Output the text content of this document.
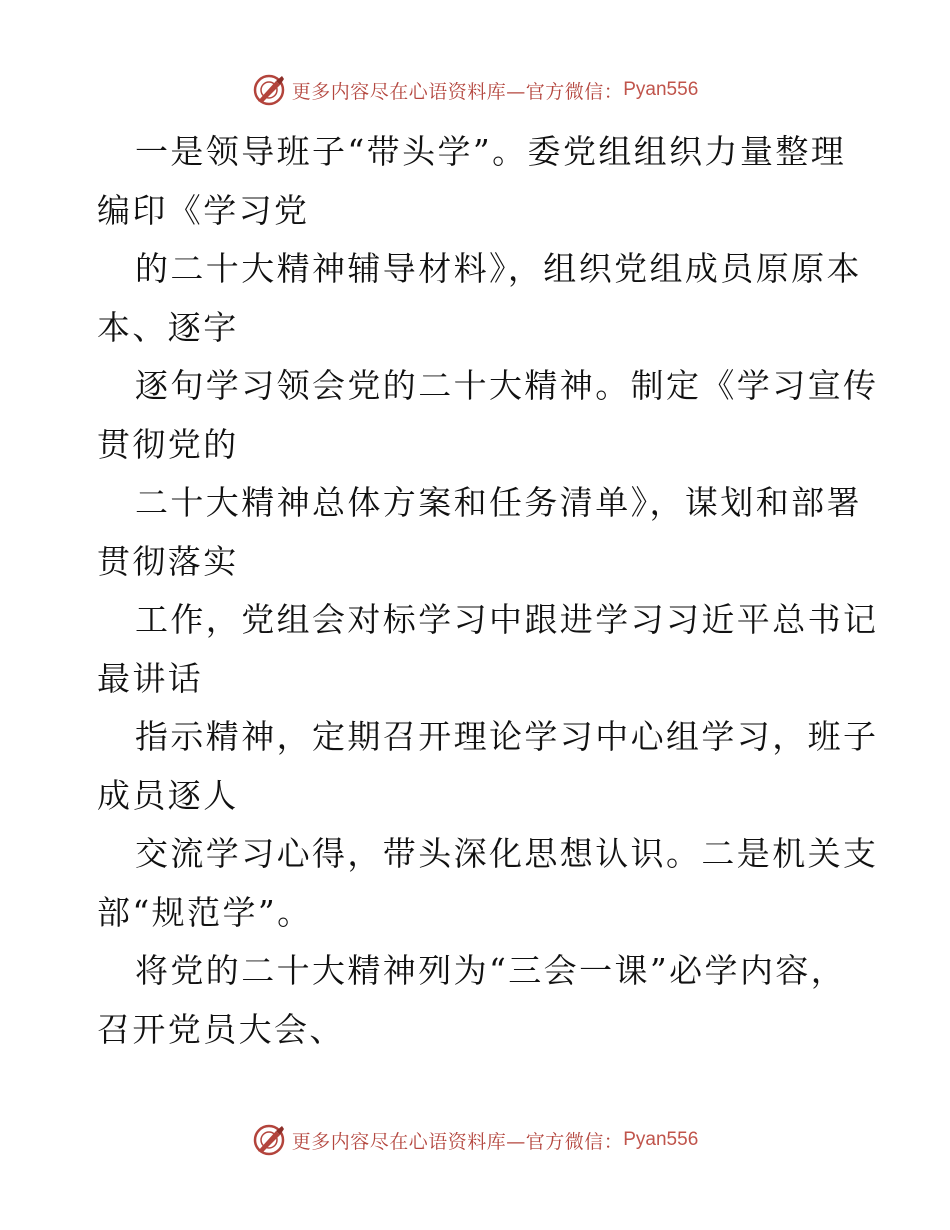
更多内容尽在心语资料库—官方微信： Pyan556
一是领导班子“带头学”。委党组组织力量整理
编印《学习党
的二十大精神辅导材料》，组织党组成员原原本
本、逐字
逐句学习领会党的二十大精神。制定《学习宣传
贯彻党的
二十大精神总体方案和任务清单》，谋划和部署
贯彻落实
工作，党组会对标学习中跟进学习习近平总书记
最讲话
指示精神，定期召开理论学习中心组学习，班子
成员逐人
交流学习心得，带头深化思想认识。二是机关支
部“规范学”。
将党的二十大精神列为“三会一课”必学内容，
召开党员大会、
更多内容尽在心语资料库—官方微信： Pyan556
